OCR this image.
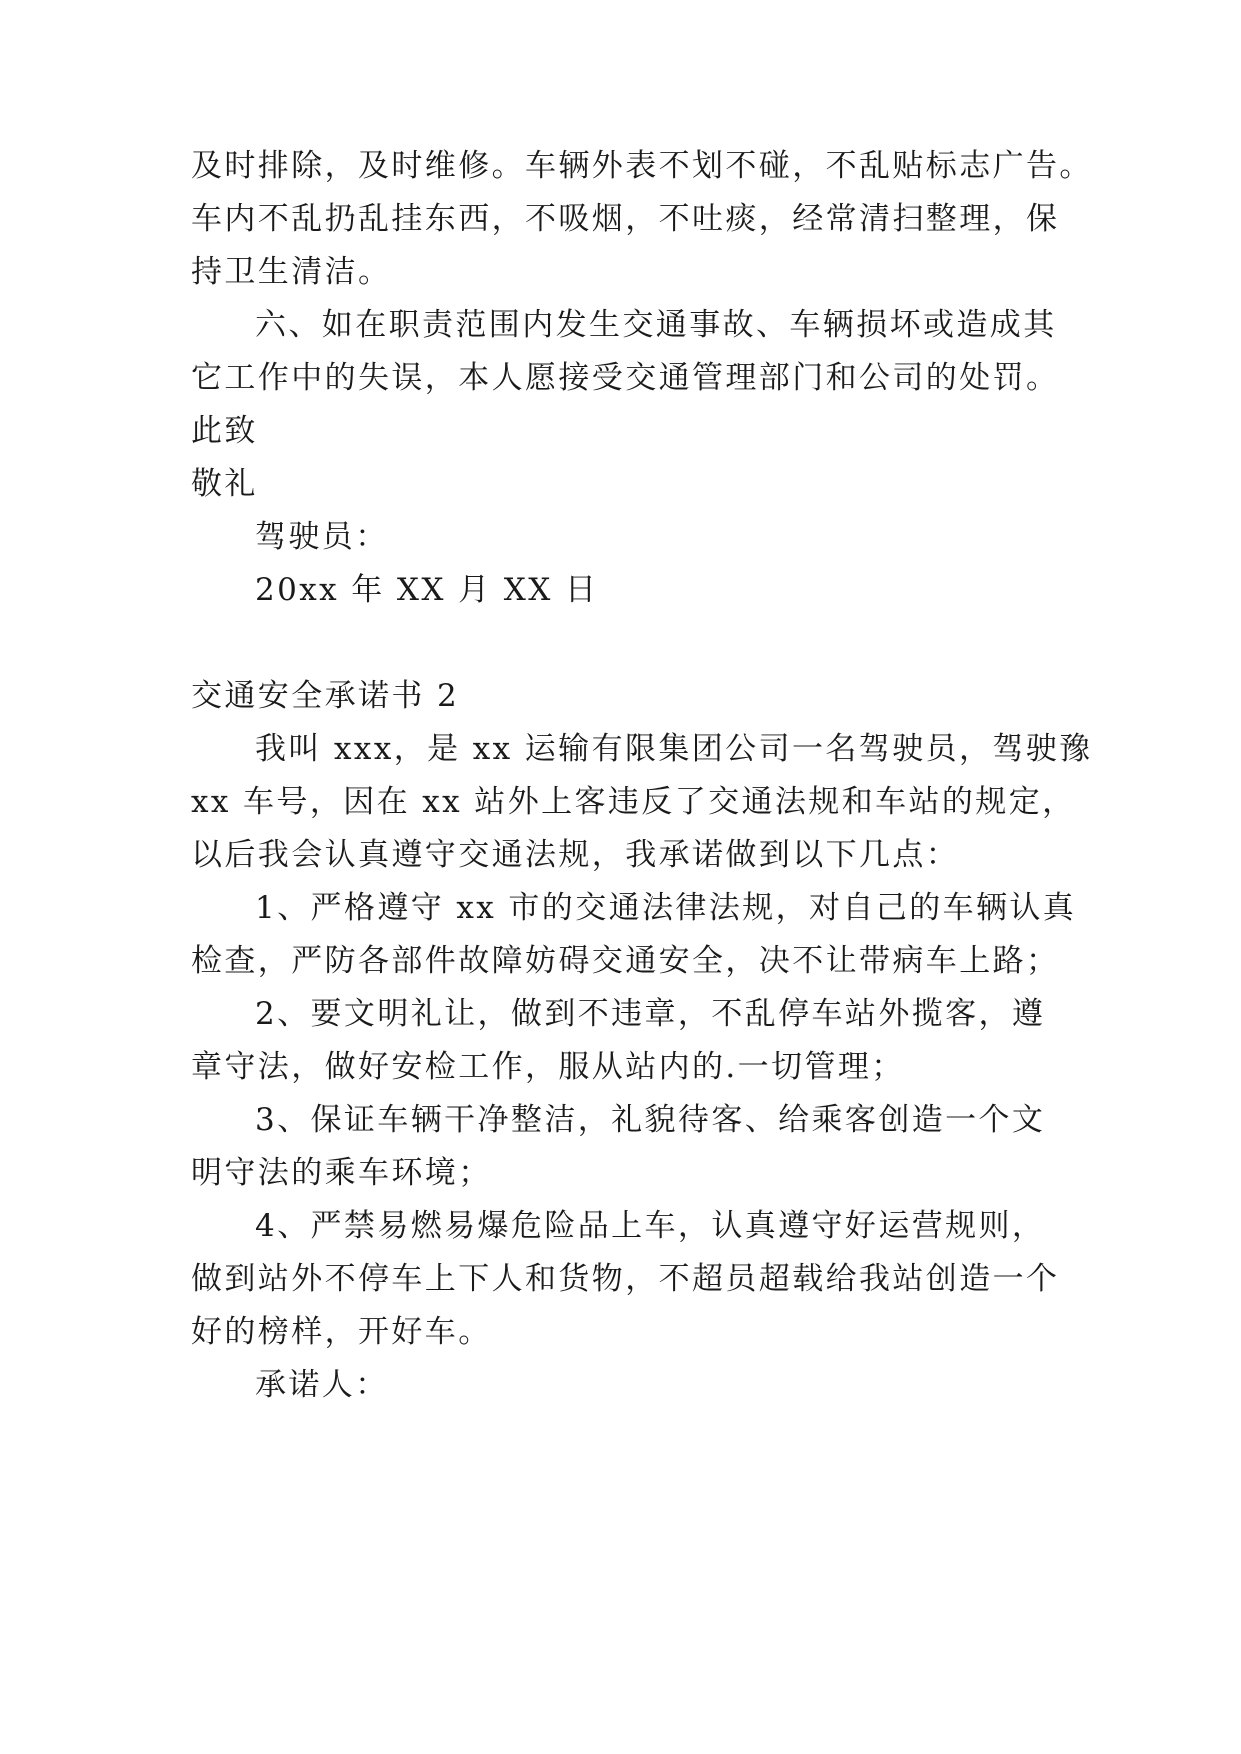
及时排除，及时维修。车辆外表不划不碰，不乱贴标志广告。
车内不乱扔乱挂东西，不吸烟，不吐痰，经常清扫整理，保
持卫生清洁。
六、如在职责范围内发生交通事故、车辆损坏或造成其
它工作中的失误，本人愿接受交通管理部门和公司的处罚。
此致
敬礼
驾驶员：
20xx 年 XX 月 XX 日
交通安全承诺书 2
我叫 xxx，是 xx 运输有限集团公司一名驾驶员，驾驶豫
xx 车号，因在 xx 站外上客违反了交通法规和车站的规定，
以后我会认真遵守交通法规，我承诺做到以下几点：
1、严格遵守 xx 市的交通法律法规，对自己的车辆认真
检查，严防各部件故障妨碍交通安全，决不让带病车上路；
2、要文明礼让，做到不违章，不乱停车站外揽客，遵
章守法，做好安检工作，服从站内的.一切管理；
3、保证车辆干净整洁，礼貌待客、给乘客创造一个文
明守法的乘车环境；
4、严禁易燃易爆危险品上车，认真遵守好运营规则，
做到站外不停车上下人和货物，不超员超载给我站创造一个
好的榜样，开好车。
承诺人：
